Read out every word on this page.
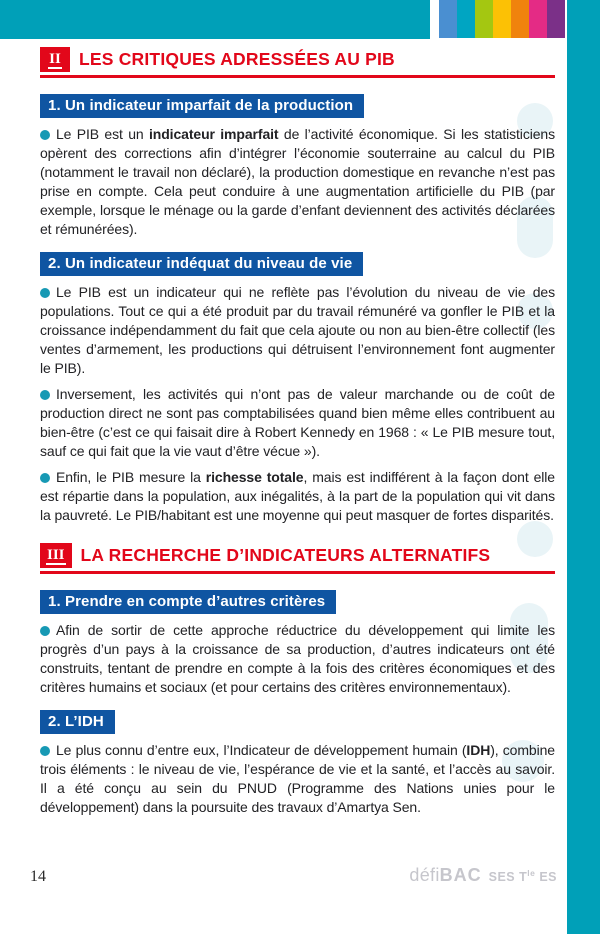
II	LES CRITIQUES ADRESSÉES AU PIB
1. Un indicateur imparfait de la production

Le PIB est un indicateur imparfait de l’activité économique. Si les statisticiens opèrent des corrections afin d’intégrer l’économie souterraine au calcul du PIB (notamment le travail non déclaré), la production domestique en revanche n’est pas prise en compte. Cela peut conduire à une augmentation artificielle du PIB (par exemple, lorsque le ménage ou la garde d’enfant deviennent des activités déclarées et rémunérées).

2. Un indicateur indéquat du niveau de vie

Le PIB est un indicateur qui ne reflète pas l’évolution du niveau de vie des populations. Tout ce qui a été produit par du travail rémunéré va gonfler le PIB et la croissance indépendamment du fait que cela ajoute ou non au bien-être collectif (les ventes d’armement, les productions qui détruisent l’environnement font augmenter le PIB).

Inversement, les activités qui n’ont pas de valeur marchande ou de coût de production direct ne sont pas comptabilisées quand bien même elles contribuent au bien-être (c’est ce qui faisait dire à Robert Kennedy en 1968 : « Le PIB mesure tout, sauf ce qui fait que la vie vaut d’être vécue »).

Enfin, le PIB mesure la richesse totale, mais est indifférent à la façon dont elle est répartie dans la population, aux inégalités, à la part de la population qui vit dans la pauvreté. Le PIB/habitant est une moyenne qui peut masquer de fortes disparités.

III LA RECHERCHE D’INDICATEURS ALTERNATIFS
1. Prendre en compte d’autres critères

Afin de sortir de cette approche réductrice du développement qui limite les progrès d’un pays à la croissance de sa production, d’autres indicateurs ont été construits, tentant de prendre en compte à la fois des critères économiques et des critères humains et sociaux (et pour certains des critères environnementaux).

2. L’IDH

Le plus connu d’entre eux, l’Indicateur de développement humain (IDH), combine trois éléments : le niveau de vie, l’espérance de vie et la santé, et l’accès au savoir. Il a été conçu au sein du PNUD (Programme des Nations unies pour le développement) dans la poursuite des travaux d’Amartya Sen.

14	défiBAC SES $T^{le}$ ES
